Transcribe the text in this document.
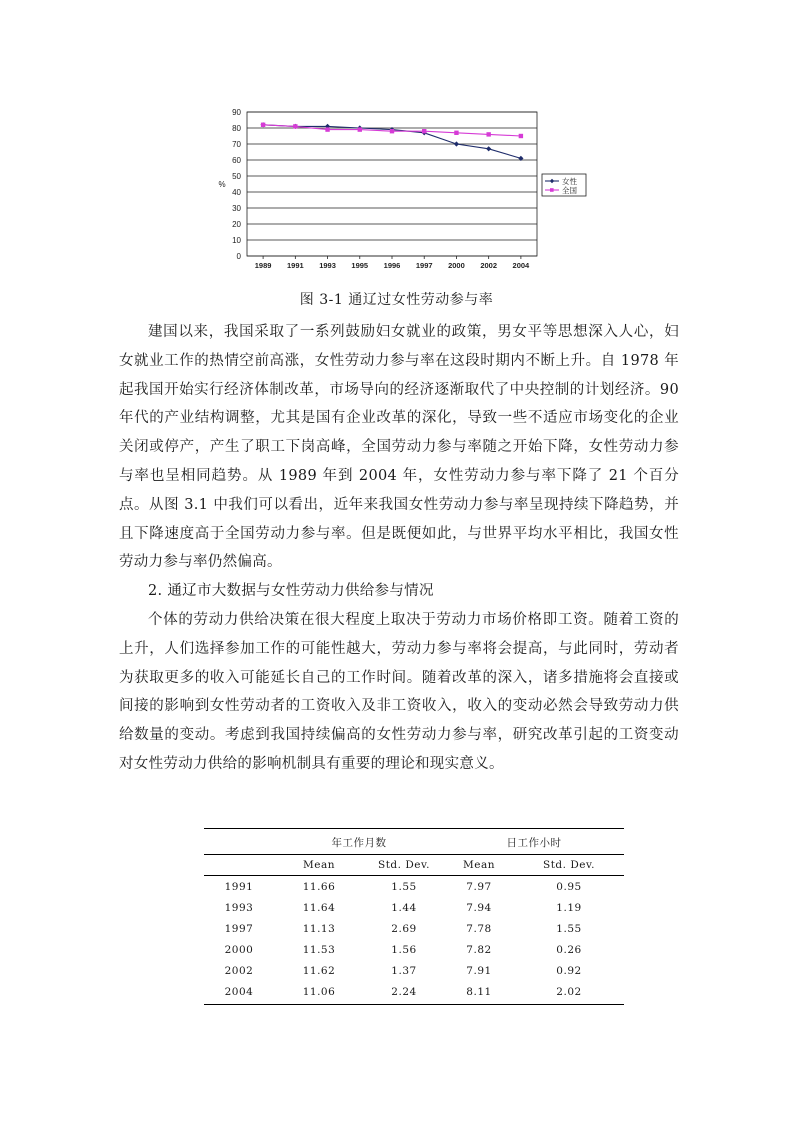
0
10
20
30
40
50
60
70
80
90
%
1989 1991 1993 1995 1996 1997 2000 2002 2004
女性
全国
图 3-1 通辽过女性劳动参与率

建国以来，我国采取了一系列鼓励妇女就业的政策，男女平等思想深入人心，妇女就业工作的热情空前高涨，女性劳动力参与率在这段时期内不断上升。自 1978 年起我国开始实行经济体制改革，市场导向的经济逐渐取代了中央控制的计划经济。90 年代的产业结构调整，尤其是国有企业改革的深化，导致一些不适应市场变化的企业关闭或停产，产生了职工下岗高峰，全国劳动力参与率随之开始下降，女性劳动力参与率也呈相同趋势。从 1989 年到 2004 年，女性劳动力参与率下降了 21 个百分点。从图 3.1 中我们可以看出，近年来我国女性劳动力参与率呈现持续下降趋势，并且下降速度高于全国劳动力参与率。但是既便如此，与世界平均水平相比，我国女性劳动力参与率仍然偏高。

2. 通辽市大数据与女性劳动力供给参与情况

个体的劳动力供给决策在很大程度上取决于劳动力市场价格即工资。随着工资的上升，人们选择参加工作的可能性越大，劳动力参与率将会提高，与此同时，劳动者为获取更多的收入可能延长自己的工作时间。随着改革的深入，诸多措施将会直接或间接的影响到女性劳动者的工资收入及非工资收入，收入的变动必然会导致劳动力供给数量的变动。考虑到我国持续偏高的女性劳动力参与率，研究改革引起的工资变动对女性劳动力供给的影响机制具有重要的理论和现实意义。

	年工作月数		日工作小时	
	Mean	Std. Dev.	Mean	Std. Dev.
1991	11.66	1.55	7.97	0.95
1993	11.64	1.44	7.94	1.19
1997	11.13	2.69	7.78	1.55
2000	11.53	1.56	7.82	0.26
2002	11.62	1.37	7.91	0.92
2004	11.06	2.24	8.11	2.02
